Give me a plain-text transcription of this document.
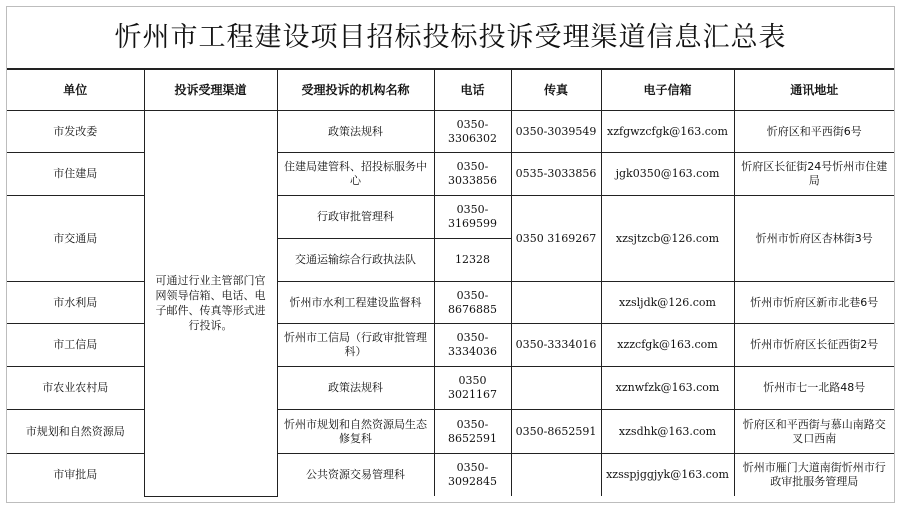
忻州市工程建设项目招标投标投诉受理渠道信息汇总表
单位	投诉受理渠道	受理投诉的机构名称	电话	传真	电子信箱	通讯地址
市发改委	可通过行业主管部门官网领导信箱、电话、电子邮件、传真等形式进行投诉。	政策法规科	0350-3306302	0350-3039549	xzfgwzcfgk@163.com	忻府区和平西街6号
市住建局		住建局建管科、招投标服务中心	0350-3033856	0535-3033856	jgk0350@163.com	忻府区长征街24号忻州市住建局
市交通局		行政审批管理科	0350-3169599	0350 3169267	xzsjtzcb@126.com	忻州市忻府区杏林街3号
		交通运输综合行政执法队	12328			
市水利局		忻州市水利工程建设监督科	0350-8676885		xzsljdk@126.com	忻州市忻府区新市北巷6号
市工信局		忻州市工信局（行政审批管理科）	0350-3334036	0350-3334016	xzzcfgk@163.com	忻州市忻府区长征西街2号
市农业农村局		政策法规科	0350 3021167		xznwfzk@163.com	忻州市七一北路48号
市规划和自然资源局		忻州市规划和自然资源局生态修复科	0350-8652591	0350-8652591	xzsdhk@163.com	忻府区和平西街与慕山南路交叉口西南
市审批局		公共资源交易管理科	0350-3092845		xzsspjggjyk@163.com	忻州市雁门大道南街忻州市行政审批服务管理局
